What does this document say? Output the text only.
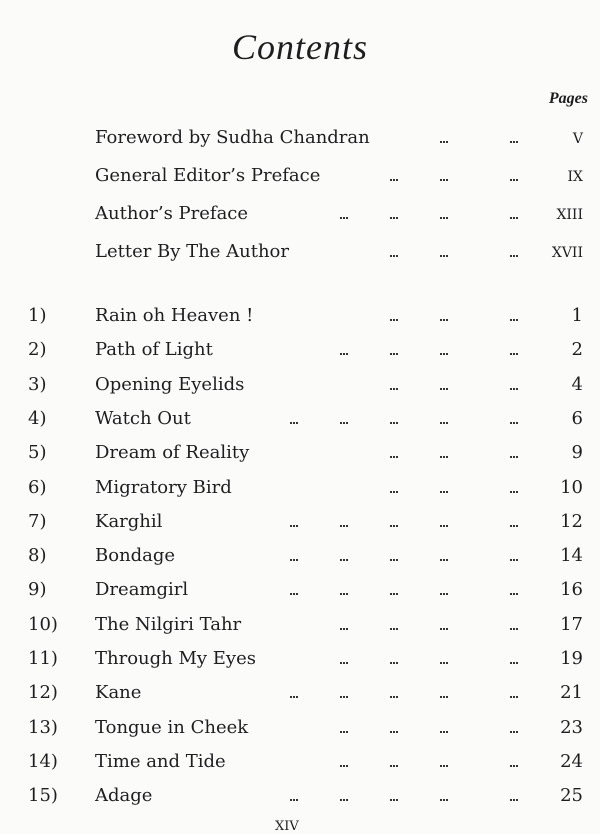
Contents
Pages
Foreword by Sudha Chandran	V
General Editor’s Preface	IX
Author’s Preface	XIII
Letter By The Author	XVII
1)	Rain oh Heaven !	1
2)	Path of Light	2
3)	Opening Eyelids	4
4)	Watch Out	6
5)	Dream of Reality	9
6)	Migratory Bird	10
7)	Karghil	12
8)	Bondage	14
9)	Dreamgirl	16
10)	The Nilgiri Tahr	17
11)	Through My Eyes	19
12)	Kane	21
13)	Tongue in Cheek	23
14)	Time and Tide	24
15)	Adage	25
XIV
